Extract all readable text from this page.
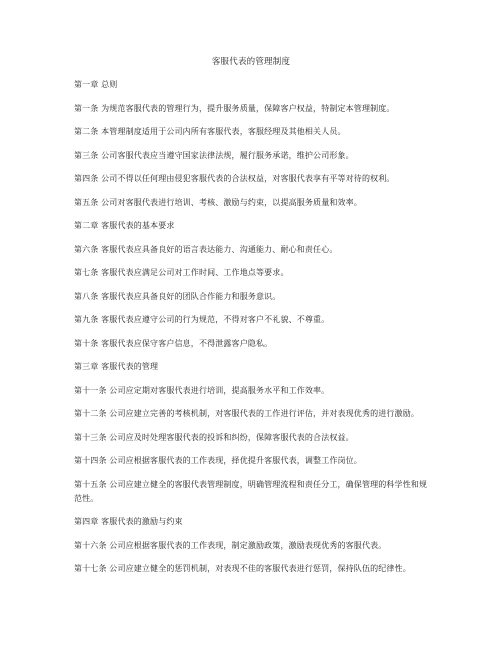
客服代表的管理制度

第一章 总则

第一条 为规范客服代表的管理行为，提升服务质量，保障客户权益，特制定本管理制度。

第二条 本管理制度适用于公司内所有客服代表，客服经理及其他相关人员。

第三条 公司客服代表应当遵守国家法律法规，履行服务承诺，维护公司形象。

第四条 公司不得以任何理由侵犯客服代表的合法权益，对客服代表享有平等对待的权利。

第五条 公司对客服代表进行培训、考核、激励与约束，以提高服务质量和效率。

第二章 客服代表的基本要求

第六条 客服代表应具备良好的语言表达能力、沟通能力、耐心和责任心。

第七条 客服代表应满足公司对工作时间、工作地点等要求。

第八条 客服代表应具备良好的团队合作能力和服务意识。

第九条 客服代表应遵守公司的行为规范，不得对客户不礼貌、不尊重。

第十条 客服代表应保守客户信息，不得泄露客户隐私。

第三章 客服代表的管理

第十一条 公司应定期对客服代表进行培训，提高服务水平和工作效率。

第十二条 公司应建立完善的考核机制，对客服代表的工作进行评估，并对表现优秀的进行激励。

第十三条 公司应及时处理客服代表的投诉和纠纷，保障客服代表的合法权益。

第十四条 公司应根据客服代表的工作表现，择优提升客服代表，调整工作岗位。

第十五条 公司应建立健全的客服代表管理制度，明确管理流程和责任分工，确保管理的科学性和规范性。

第四章 客服代表的激励与约束

第十六条 公司应根据客服代表的工作表现，制定激励政策，激励表现优秀的客服代表。

第十七条 公司应建立健全的惩罚机制，对表现不佳的客服代表进行惩罚，保持队伍的纪律性。
